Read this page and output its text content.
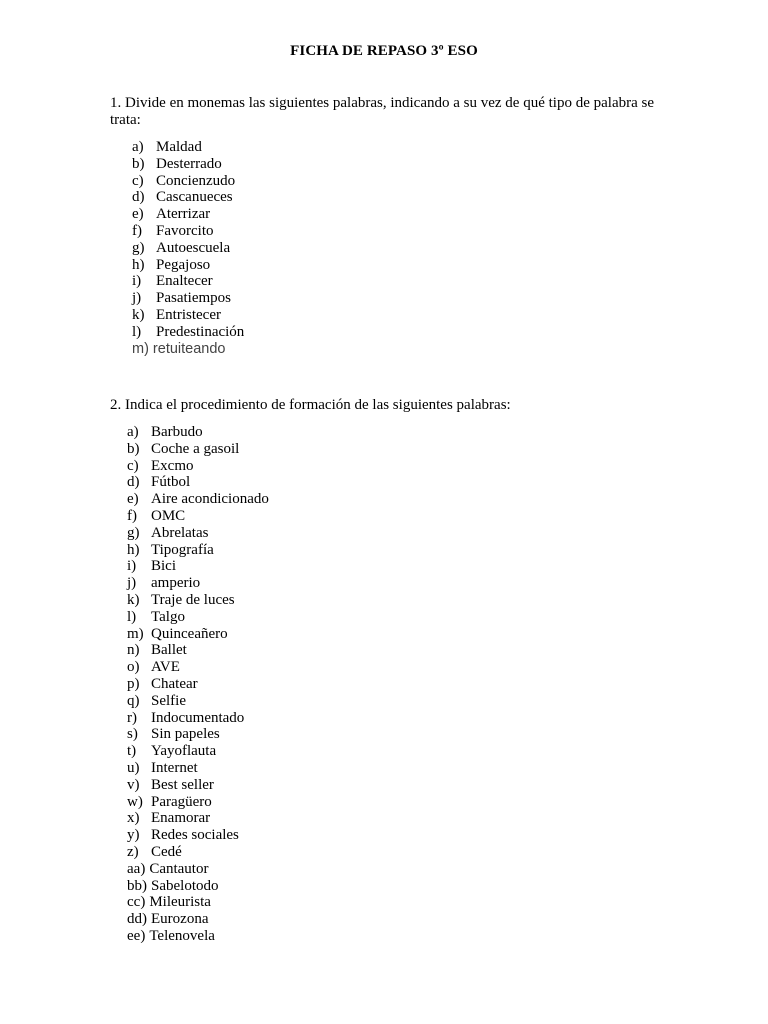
FICHA DE REPASO 3º ESO
1. Divide en monemas las siguientes palabras, indicando a su vez de qué tipo de palabra se trata:
a) Maldad
b) Desterrado
c) Concienzudo
d) Cascanueces
e) Aterrizar
f) Favorcito
g) Autoescuela
h) Pegajoso
i) Enaltecer
j) Pasatiempos
k) Entristecer
l) Predestinación
m) retuiteando
2. Indica el procedimiento de formación de las siguientes palabras:
a) Barbudo
b) Coche a gasoil
c) Excmo
d) Fútbol
e) Aire acondicionado
f) OMC
g) Abrelatas
h) Tipografía
i) Bici
j) amperio
k) Traje de luces
l) Talgo
m) Quinceañero
n) Ballet
o) AVE
p) Chatear
q) Selfie
r) Indocumentado
s) Sin papeles
t) Yayoflauta
u) Internet
v) Best seller
w) Paragüero
x) Enamorar
y) Redes sociales
z) Cedé
aa) Cantautor
bb) Sabelotodo
cc) Mileurista
dd) Eurozona
ee) Telenovela
